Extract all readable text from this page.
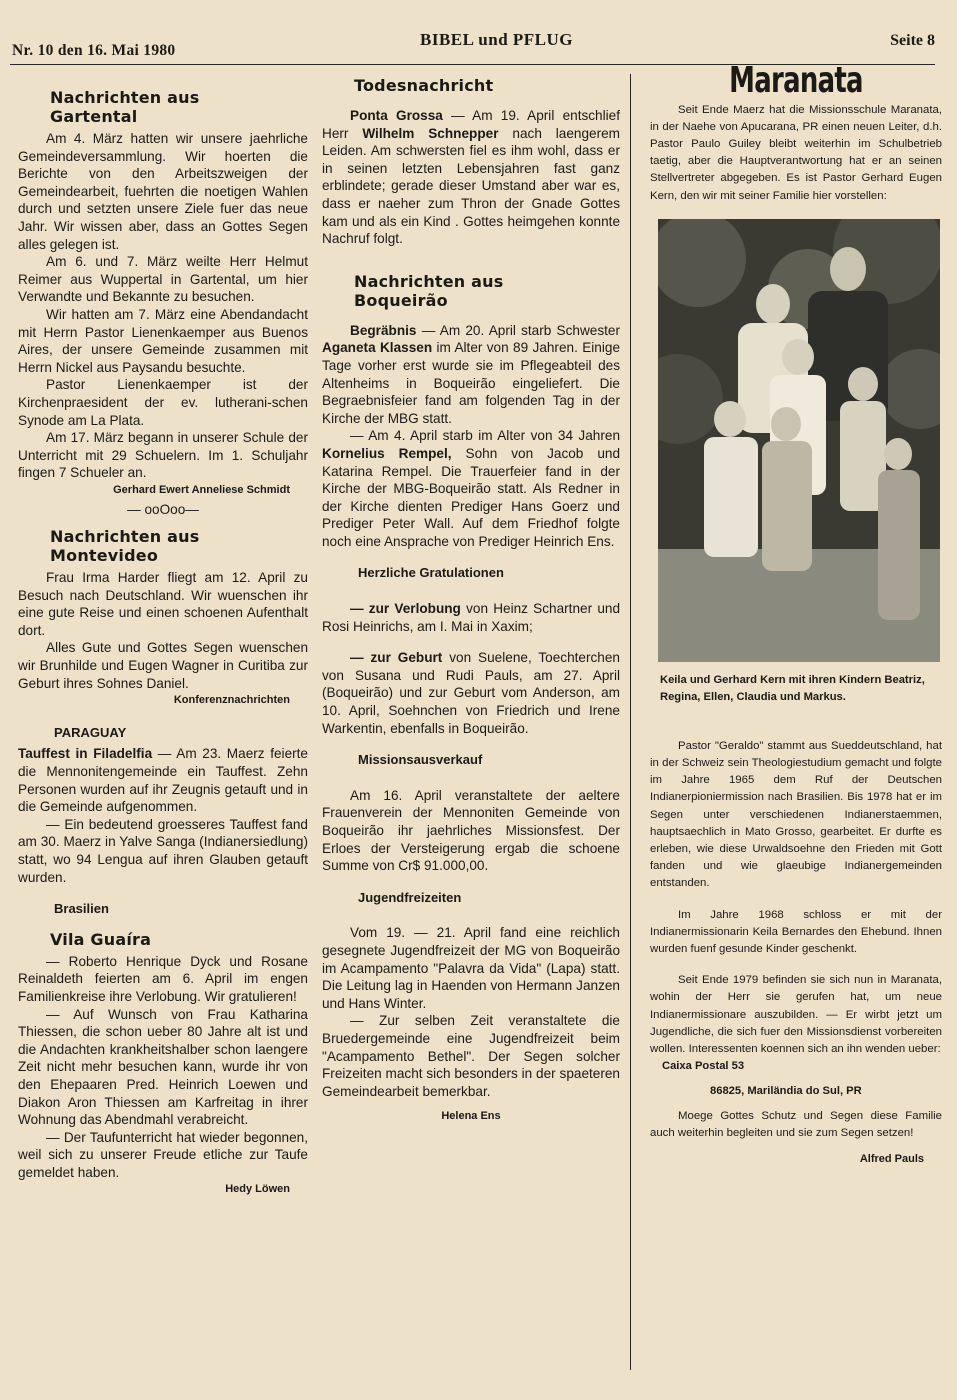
Nr. 10 den 16. Mai 1980
BIBEL und PFLUG	Seite 8
Nachrichten aus
Gartental

Am 4. März hatten wir unsere jaehrliche Gemeindeversammlung. Wir hoerten die Berichte von den Arbeitszweigen der Gemeindearbeit, fuehrten die noetigen Wahlen durch und setzten unsere Ziele fuer das neue Jahr. Wir wissen aber, dass an Gottes Segen alles gelegen ist.

Am 6. und 7. März weilte Herr Helmut Reimer aus Wuppertal in Gartental, um hier Verwandte und Bekannte zu besuchen.

Wir hatten am 7. März eine Abendandacht mit Herrn Pastor Lienenkaemper aus Buenos Aires, der unsere Gemeinde zusammen mit Herrn Nickel aus Paysandu besuchte.

Pastor Lienenkaemper ist der Kirchenpraesident der ev. lutherani-schen Synode am La Plata.

Am 17. März begann in unserer Schule der Unterricht mit 29 Schuelern. Im 1. Schuljahr fingen 7 Schueler an.

Gerhard Ewert Anneliese Schmidt
— ooOoo—
Nachrichten aus
Montevideo

Frau Irma Harder fliegt am 12. April zu Besuch nach Deutschland. Wir wuenschen ihr eine gute Reise und einen schoenen Aufenthalt dort.

Alles Gute und Gottes Segen wuenschen wir Brunhilde und Eugen Wagner in Curitiba zur Geburt ihres Sohnes Daniel.

Konferenznachrichten
PARAGUAY

Tauffest in Filadelfia — Am 23. Maerz feierte die Mennonitengemeinde ein Tauffest. Zehn Personen wurden auf ihr Zeugnis getauft und in die Gemeinde aufgenommen.

— Ein bedeutend groesseres Tauffest fand am 30. Maerz in Yalve Sanga (Indianersiedlung) statt, wo 94 Lengua auf ihren Glauben getauft wurden.

Brasilien
Vila Guaíra

— Roberto Henrique Dyck und Rosane Reinaldeth feierten am 6. April im engen Familienkreise ihre Verlobung. Wir gratulieren!

— Auf Wunsch von Frau Katharina Thiessen, die schon ueber 80 Jahre alt ist und die Andachten krankheitshalber schon laengere Zeit nicht mehr besuchen kann, wurde ihr von den Ehepaaren Pred. Heinrich Loewen und Diakon Aron Thiessen am Karfreitag in ihrer Wohnung das Abendmahl verabreicht.

— Der Taufunterricht hat wieder begonnen, weil sich zu unserer Freude etliche zur Taufe gemeldet haben.

Hedy Löwen
Todesnachricht

Ponta Grossa — Am 19. April entschlief Herr Wilhelm Schnepper nach laengerem Leiden. Am schwersten fiel es ihm wohl, dass er in seinen letzten Lebensjahren fast ganz erblindete; gerade dieser Umstand aber war es, dass er naeher zum Thron der Gnade Gottes kam und als ein Kind . Gottes heimgehen konnte Nachruf folgt.

Nachrichten aus
Boqueirão

Begräbnis — Am 20. April starb Schwester Aganeta Klassen im Alter von 89 Jahren. Einige Tage vorher erst wurde sie im Pflegeabteil des Altenheims in Boqueirão eingeliefert. Die Begraebnisfeier fand am folgenden Tag in der Kirche der MBG statt.

— Am 4. April starb im Alter von 34 Jahren Kornelius Rempel, Sohn von Jacob und Katarina Rempel. Die Trauerfeier fand in der Kirche der MBG-Boqueirão statt. Als Redner in der Kirche dienten Prediger Hans Goerz und Prediger Peter Wall. Auf dem Friedhof folgte noch eine Ansprache von Prediger Heinrich Ens.

Herzliche Gratulationen

— zur Verlobung von Heinz Schartner und Rosi Heinrichs, am I. Mai in Xaxim;

— zur Geburt von Suelene, Toechterchen von Susana und Rudi Pauls, am 27. April (Boqueirão) und zur Geburt vom Anderson, am 10. April, Soehnchen von Friedrich und Irene Warkentin, ebenfalls in Boqueirão.

Missionsausverkauf

Am 16. April veranstaltete der aeltere Frauenverein der Mennoniten Gemeinde von Boqueirão ihr jaehrliches Missionsfest. Der Erloes der Versteigerung ergab die schoene Summe von Cr$ 91.000,00.

Jugendfreizeiten

Vom 19. — 21. April fand eine reichlich gesegnete Jugendfreizeit der MG von Boqueirão im Acampamento "Palavra da Vida" (Lapa) statt. Die Leitung lag in Haenden von Hermann Janzen und Hans Winter.

— Zur selben Zeit veranstaltete die Bruedergemeinde eine Jugendfreizeit beim "Acampamento Bethel". Der Segen solcher Freizeiten macht sich besonders in der spaeteren Gemeindearbeit bemerkbar.

Helena Ens
Maranata

Seit Ende Maerz hat die Missionsschule Maranata, in der Naehe von Apucarana, PR einen neuen Leiter, d.h. Pastor Paulo Guiley bleibt weiterhin im Schulbetrieb taetig, aber die Hauptverantwortung hat er an seinen Stellvertreter abgegeben. Es ist Pastor Gerhard Eugen Kern, den wir mit seiner Familie hier vorstellen:

Keila und Gerhard Kern mit ihren Kindern Beatriz, Regina, Ellen, Claudia und Markus.

Pastor "Geraldo" stammt aus Sueddeutschland, hat in der Schweiz sein Theologiestudium gemacht und folgte im Jahre 1965 dem Ruf der Deutschen Indianerpioniermission nach Brasilien. Bis 1978 hat er im Segen unter verschiedenen Indianerstaemmen, hauptsaechlich in Mato Grosso, gearbeitet. Er durfte es erleben, wie diese Urwaldsoehne den Frieden mit Gott fanden und wie glaeubige Indianergemeinden entstanden.

Im Jahre 1968 schloss er mit der Indianermissionarin Keila Bernardes den Ehebund. Ihnen wurden fuenf gesunde Kinder geschenkt.

Seit Ende 1979 befinden sie sich nun in Maranata, wohin der Herr sie gerufen hat, um neue Indianermissionare auszubilden. — Er wirbt jetzt um Jugendliche, die sich fuer den Missionsdienst vorbereiten wollen. Interessenten koennen sich an ihn wenden ueber:

Caixa Postal 53
86825, Mariländia do Sul, PR

Moege Gottes Schutz und Segen diese Familie auch weiterhin begleiten und sie zum Segen setzen!

Alfred Pauls
